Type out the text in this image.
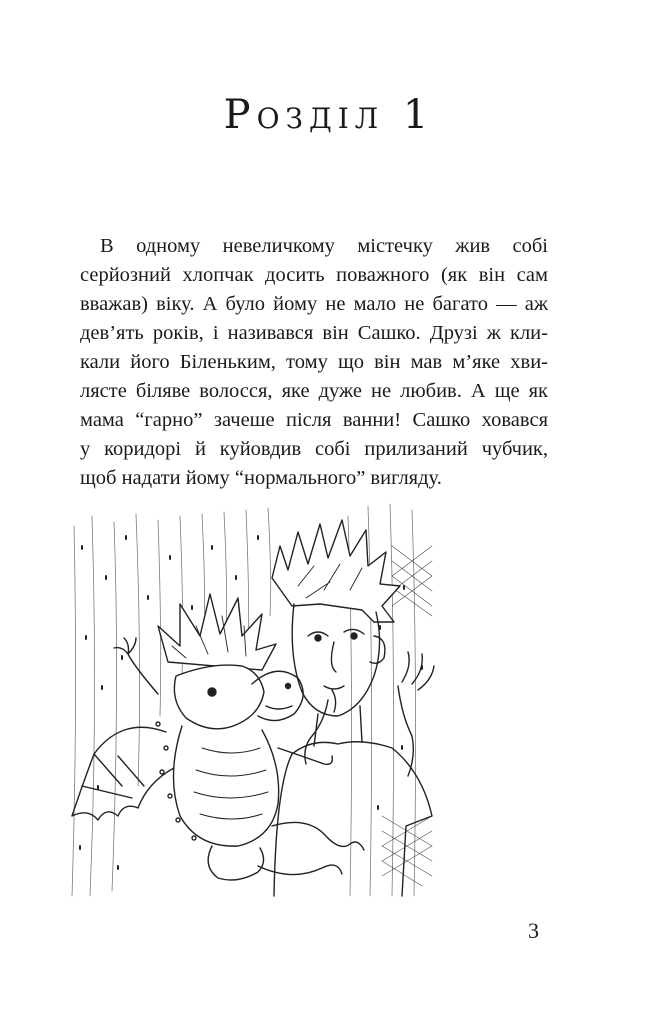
Розділ 1

В одному невеличкому містечку жив собі
серйозний хлопчак досить поважного (як він сам
вважав) віку. А було йому не мало не багато — аж
дев’ять років, і називався він Сашко. Друзі ж кли-
кали його Біленьким, тому що він мав м’яке хви-
лясте біляве волосся, яке дуже не любив. А ще як
мама “гарно” зачеше після ванни! Сашко ховався
у коридорі й куйовдив собі прилизаний чубчик,
щоб надати йому “нормального” вигляду.

3
